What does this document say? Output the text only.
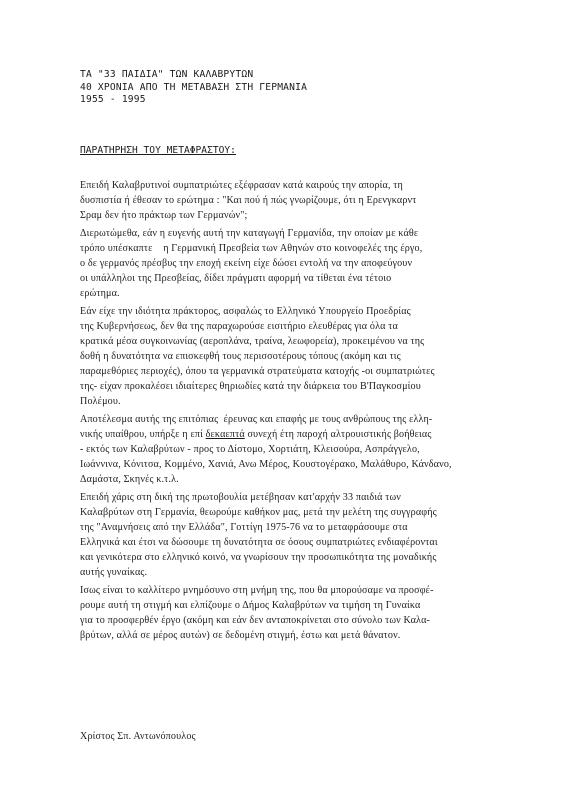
ΤΑ "33 ΠΑΙΔΙΑ" ΤΩΝ ΚΑΛΑΒΡΥΤΩΝ
40 ΧΡΟΝΙΑ ΑΠΟ ΤΗ ΜΕΤΑΒΑΣΗ ΣΤΗ ΓΕΡΜΑΝΙΑ
1955 - 1995
ΠΑΡΑΤΗΡΗΣΗ ΤΟΥ ΜΕΤΑΦΡΑΣΤΟΥ:
Επειδή Καλαβρυτινοί συμπατριώτες εξέφρασαν κατά καιρούς την απορία, τη
δυσπιστία ή έθεσαν το ερώτημα : "Και πού ή πώς γνωρίζουμε, ότι η Ερενγκαρντ
Σραμ δεν ήτο πράκτωρ των Γερμανών";
Διερωτώμεθα, εάν η ευγενής αυτή την καταγωγή Γερμανίδα, την οποίαν με κάθε
τρόπο υπέσκαπτε    η Γερμανική Πρεσβεία των Αθηνών στο κοινοφελές της έργο,
ο δε γερμανός πρέσβυς την εποχή εκείνη είχε δώσει εντολή να την αποφεύγουν
οι υπάλληλοι της Πρεσβείας, δίδει πράγματι αφορμή να τίθεται ένα τέτοιο
ερώτημα.
Εάν είχε την ιδιότητα πράκτορος, ασφαλώς το Ελληνικό Υπουργείο Προεδρίας
της Κυβερνήσεως, δεν θα της παραχωρούσε εισιτήριο ελευθέρας για όλα τα
κρατικά μέσα συγκοινωνίας (αεροπλάνα, τραίνα, λεωφορεία), προκειμένου να της
δοθή η δυνατότητα να επισκεφθή τους περισσοτέρους τόπους (ακόμη και τις
παραμεθόριες περιοχές), όπου τα γερμανικά στρατεύματα κατοχής -οι συμπατριώτες
της- είχαν προκαλέσει ιδιαίτερες θηριωδίες κατά την διάρκεια του Β'Παγκοσμίου
Πολέμου.
Αποτέλεσμα αυτής της επιτόπιας  έρευνας και επαφής με τους ανθρώπους της ελλη-
νικής υπαίθρου, υπήρξε η επί δεκαεπτά συνεχή έτη παροχή αλτρουιστικής βοήθειας
- εκτός των Καλαβρύτων - προς το Δίστομο, Χορτιάτη, Κλεισούρα, Ασπράγγελο,
Ιωάννινα, Κόνιτσα, Κομμένο, Χανιά, Ανω Μέρος, Κουστογέρακο, Μαλάθυρο, Κάνδανο,
Δαμάστα, Σκηνές κ.τ.λ.
Επειδή χάρις στη δική της πρωτοβουλία μετέβησαν κατ'αρχήν 33 παιδιά των
Καλαβρύτων στη Γερμανία, θεωρούμε καθήκον μας, μετά την μελέτη της συγγραφής
της "Αναμνήσεις από την Ελλάδα", Γοττίγη 1975-76 να το μεταφράσουμε στα
Ελληνικά και έτσι να δώσουμε τη δυνατότητα σε όσους συμπατριώτες ενδιαφέρονται
και γενικότερα στο ελληνικό κοινό, να γνωρίσουν την προσωπικότητα της μοναδικής
αυτής γυναίκας.
Ισως είναι το καλλίτερο μνημόσυνο στη μνήμη της, που θα μπορούσαμε να προσφέ-
ρουμε αυτή τη στιγμή και ελπίζουμε ο Δήμος Καλαβρύτων να τιμήση τη Γυναίκα
για το προσφερθέν έργο (ακόμη και εάν δεν ανταποκρίνεται στο σύνολο των Καλα-
βρύτων, αλλά σε μέρος αυτών) σε δεδομένη στιγμή, έστω και μετά θάνατον.
Χρίστος Σπ. Αντωνόπουλος
